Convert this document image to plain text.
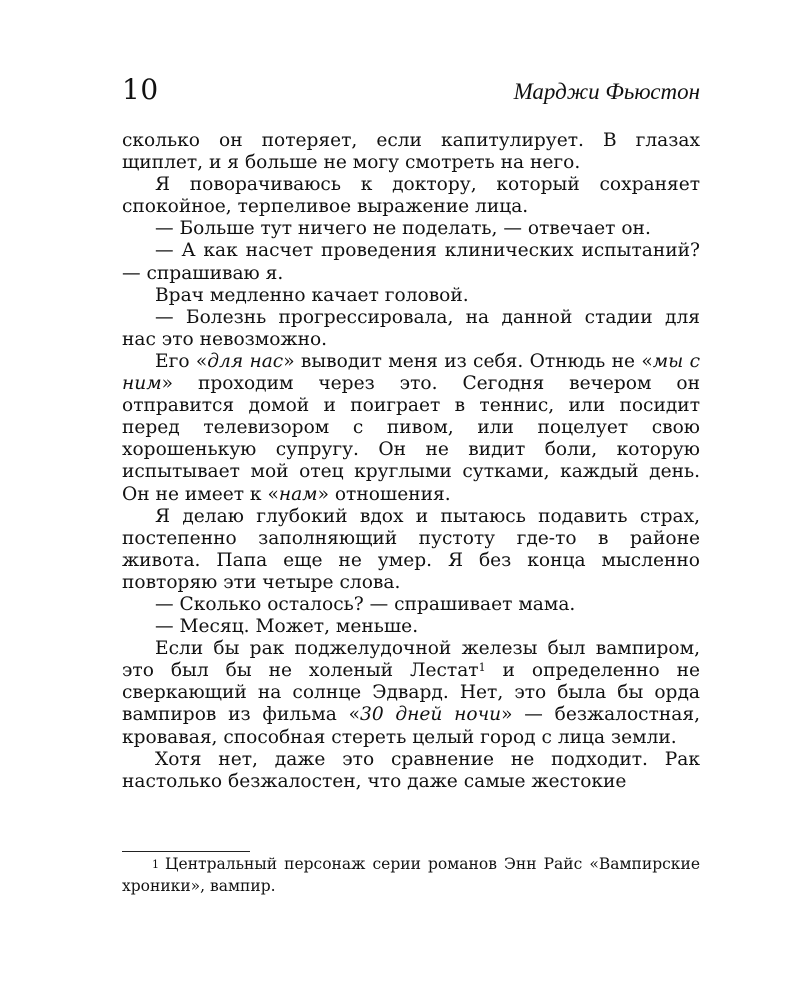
10	Марджи Фьюстон

сколько он потеряет, если капитулирует. В глазах щиплет, и я больше не могу смотреть на него.

Я поворачиваюсь к доктору, который сохраняет спокойное, терпеливое выражение лица.

— Больше тут ничего не поделать, — отвечает он.

— А как насчет проведения клинических испытаний? — спрашиваю я.

Врач медленно качает головой.

— Болезнь прогрессировала, на данной стадии для нас это невозможно.

Его «для нас» выводит меня из себя. Отнюдь не «мы с ним» проходим через это. Сегодня вечером он отправится домой и поиграет в теннис, или посидит перед телевизором с пивом, или поцелует свою хорошенькую супругу. Он не видит боли, которую испытывает мой отец круглыми сутками, каждый день. Он не имеет к «нам» отношения.

Я делаю глубокий вдох и пытаюсь подавить страх, постепенно заполняющий пустоту где-то в районе живота. Папа еще не умер. Я без конца мысленно повторяю эти четыре слова.

— Сколько осталось? — спрашивает мама.

— Месяц. Может, меньше.

Если бы рак поджелудочной железы был вампиром, это был бы не холеный Лестат$^1$ и определенно не сверкающий на солнце Эдвард. Нет, это была бы орда вампиров из фильма «30 дней ночи» — безжалостная, кровавая, способная стереть целый город с лица земли.

Хотя нет, даже это сравнение не подходит. Рак настолько безжалостен, что даже самые жестокие

$^1$ Центральный персонаж серии романов Энн Райс «Вампирские хроники», вампир.
